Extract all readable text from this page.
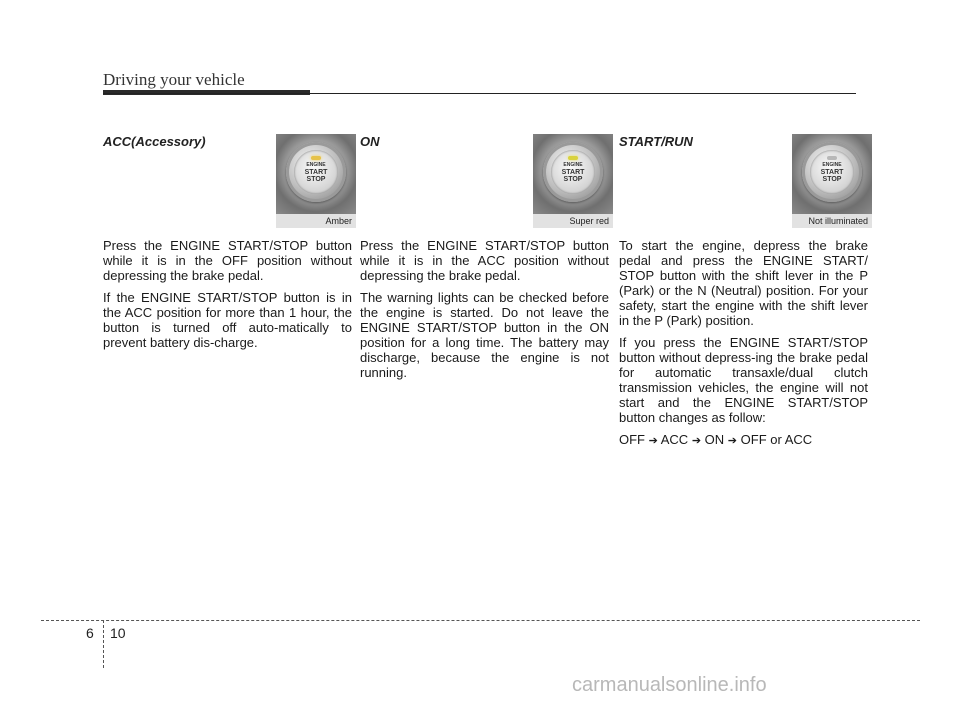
Driving your vehicle
ACC(Accessory)
ENGINE
START
STOP
Amber

Press the ENGINE START/STOP button while it is in the OFF position without depressing the brake pedal.

If the ENGINE START/STOP button is in the ACC position for more than 1 hour, the button is turned off auto-matically to prevent battery dis-charge.

ON
ENGINE
START
STOP
Super red

Press the ENGINE START/STOP button while it is in the ACC position without depressing the brake pedal.

The warning lights can be checked before the engine is started. Do not leave the ENGINE START/STOP button in the ON position for a long time. The battery may discharge, because the engine is not running.

START/RUN
ENGINE
START
STOP
Not illuminated

To start the engine, depress the brake pedal and press the ENGINE START/ STOP button with the shift lever in the P (Park) or the N (Neutral) position. For your safety, start the engine with the shift lever in the P (Park) position.

If you press the ENGINE START/STOP button without depress-ing the brake pedal for automatic transaxle/dual clutch transmission vehicles, the engine will not start and the ENGINE START/STOP button changes as follow:

OFF ➔ ACC ➔ ON ➔ OFF or ACC

6 10
carmanualsonline.info
